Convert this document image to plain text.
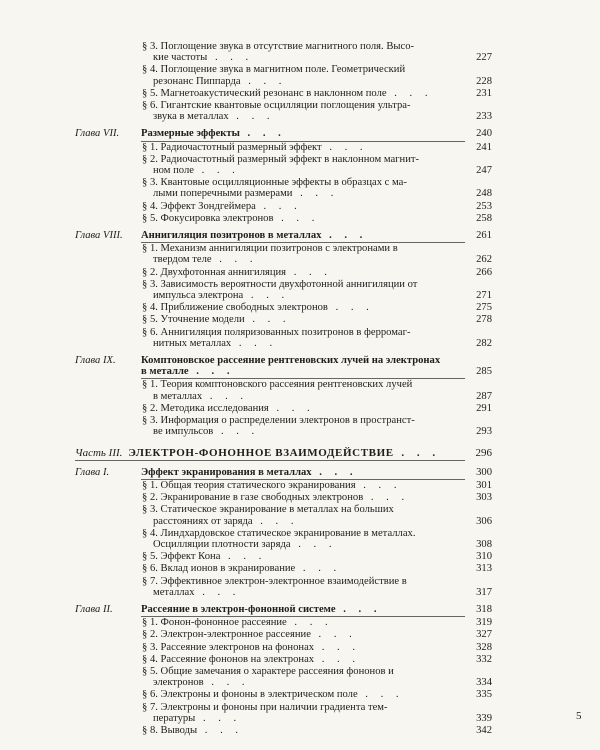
§ 3. Поглощение звука в отсутствие магнитного поля. Высо-
кие частоты . . .	227
§ 4. Поглощение звука в магнитном поле. Геометрический
резонанс Пиппарда . . .	228
§ 5. Магнетоакустический резонанс в наклонном поле . . .	231
§ 6. Гигантские квантовые осцилляции поглощения ультра-
звука в металлах . . .	233
Глава VII. Размерные эффекты . . .	240
§ 1. Радиочастотный размерный эффект . . .	241
§ 2. Радиочастотный размерный эффект в наклонном магнит-
ном поле . . .	247
§ 3. Квантовые осцилляционные эффекты в образцах с ма-
лыми поперечными размерами . . .	248
§ 4. Эффект Зондгеймера . . .	253
§ 5. Фокусировка электронов . . .	258
Глава VIII. Аннигиляция позитронов в металлах . . .	261
§ 1. Механизм аннигиляции позитронов с электронами в
твердом теле . . .	262
§ 2. Двухфотонная аннигиляция . . .	266
§ 3. Зависимость вероятности двухфотонной аннигиляции от
импульса электрона . . .	271
§ 4. Приближение свободных электронов . . .	275
§ 5. Уточнение модели . . .	278
§ 6. Аннигиляция поляризованных позитронов в ферромаг-
нитных металлах . . .	282
Глава IX. Комптоновское рассеяние рентгеновских лучей на электронах
в металле . . .	285
§ 1. Теория комптоновского рассеяния рентгеновских лучей
в металлах . . .	287
§ 2. Методика исследования . . .	291
§ 3. Информация о распределении электронов в пространст-
ве импульсов . . .	293
Часть III. ЭЛЕКТРОН-ФОНОННОЕ ВЗАИМОДЕЙСТВИЕ . . .	296
Глава I.	Эффект экранирования в металлах . . .	300
§ 1. Общая теория статического экранирования . . .	301
§ 2. Экранирование в газе свободных электронов . . .	303
§ 3. Статическое экранирование в металлах на больших
расстояниях от заряда . . .	306
§ 4. Линдхардовское статическое экранирование в металлах.
Осцилляции плотности заряда . . .	308
§ 5. Эффект Кона . . .	310
§ 6. Вклад ионов в экранирование . . .	313
§ 7. Эффективное электрон-электронное взаимодействие в
металлах . . .	317
Глава II.	Рассеяние в электрон-фононной системе . . .	318
§ 1. Фонон-фононное рассеяние . . .	319
§ 2. Электрон-электронное рассеяние . . .	327
§ 3. Рассеяние электронов на фононах . . .	328
§ 4. Рассеяние фононов на электронах . . .	332
§ 5. Общие замечания о характере рассеяния фононов и
электронов . . .	334
§ 6. Электроны и фононы в электрическом поле . . .	335
§ 7. Электроны и фононы при наличии градиента тем-
пературы . . .	339
§ 8. Выводы . . .	342
5
